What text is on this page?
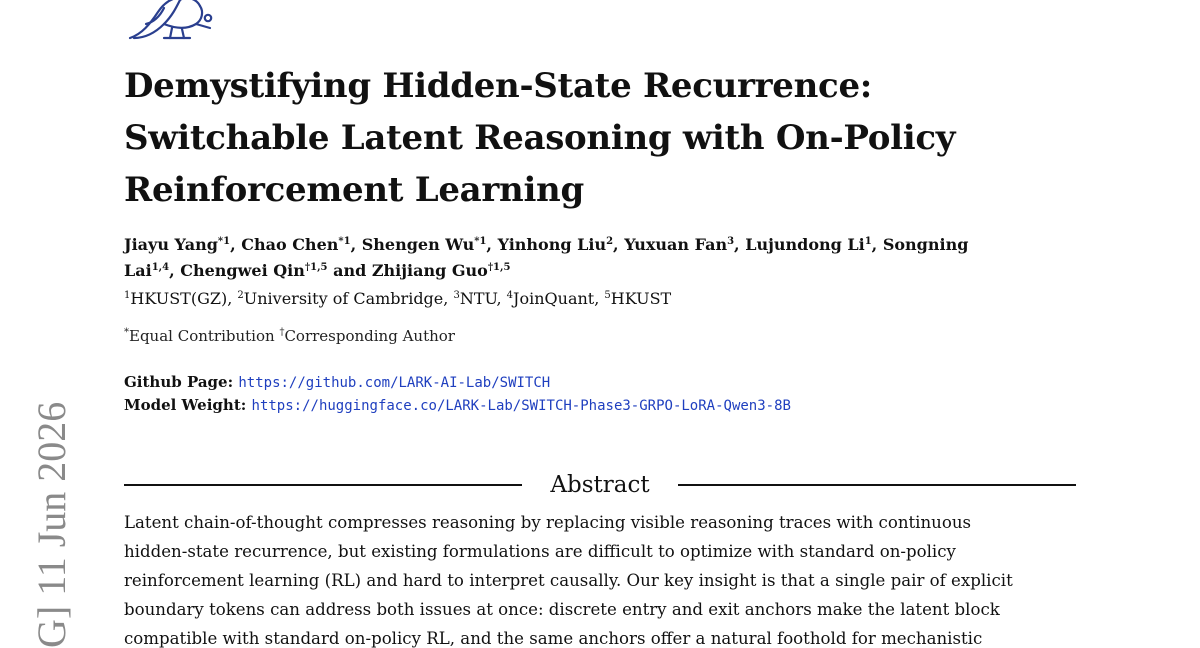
Demystifying Hidden-State Recurrence:
Switchable Latent Reasoning with On-Policy
Reinforcement Learning
Jiayu Yang$^{*1}$, Chao Chen$^{*1}$, Shengen Wu$^{*1}$, Yinhong Liu$^2$, Yuxuan Fan$^3$, Lujundong Li$^1$, Songning
Lai$^{1,4}$, Chengwei Qin$^{\dagger 1,5}$ and Zhijiang Guo$^{\dagger 1,5}$
$^1$HKUST(GZ), $^2$University of Cambridge, $^3$NTU, $^4$JoinQuant, $^5$HKUST
*Equal Contribution †Corresponding Author
Github Page: https://github.com/LARK-AI-Lab/SWITCH
Model Weight: https://huggingface.co/LARK-Lab/SWITCH-Phase3-GRPO-LoRA-Qwen3-8B
Abstract
Latent chain-of-thought compresses reasoning by replacing visible reasoning traces with continuous
hidden-state recurrence, but existing formulations are difficult to optimize with standard on-policy
reinforcement learning (RL) and hard to interpret causally. Our key insight is that a single pair of explicit
boundary tokens can address both issues at once: discrete entry and exit anchors make the latent block
compatible with standard on-policy RL, and the same anchors offer a natural foothold for mechanistic
G] 11 Jun 2026
